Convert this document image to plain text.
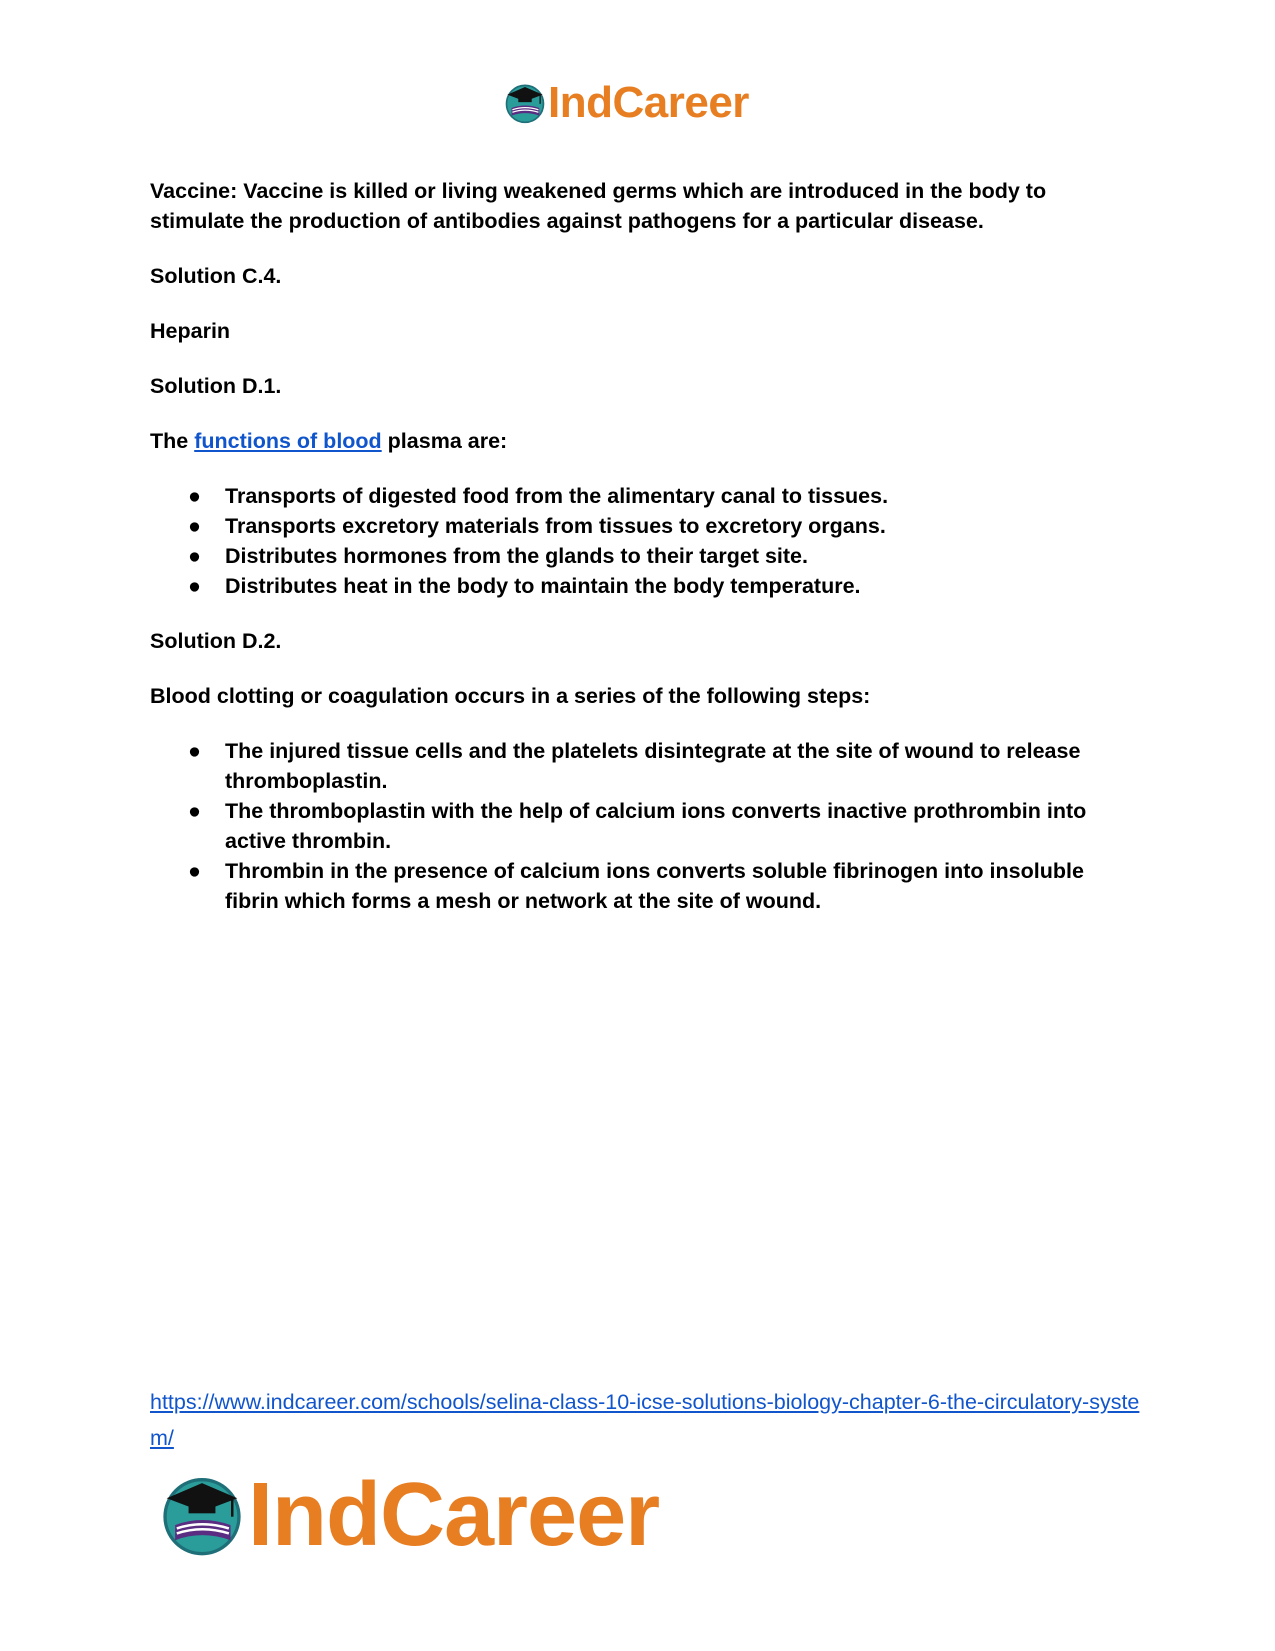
IndCareer

Vaccine: Vaccine is killed or living weakened germs which are introduced in the body to stimulate the production of antibodies against pathogens for a particular disease.

Solution C.4.

Heparin

Solution D.1.

The functions of blood plasma are:

● Transports of digested food from the alimentary canal to tissues.
● Transports excretory materials from tissues to excretory organs.
● Distributes hormones from the glands to their target site.
● Distributes heat in the body to maintain the body temperature.

Solution D.2.

Blood clotting or coagulation occurs in a series of the following steps:

● The injured tissue cells and the platelets disintegrate at the site of wound to release thromboplastin.
● The thromboplastin with the help of calcium ions converts inactive prothrombin into active thrombin.
● Thrombin in the presence of calcium ions converts soluble fibrinogen into insoluble fibrin which forms a mesh or network at the site of wound.
https://www.indcareer.com/schools/selina-class-10-icse-solutions-biology-chapter-6-the-circulatory-system/
IndCareer
